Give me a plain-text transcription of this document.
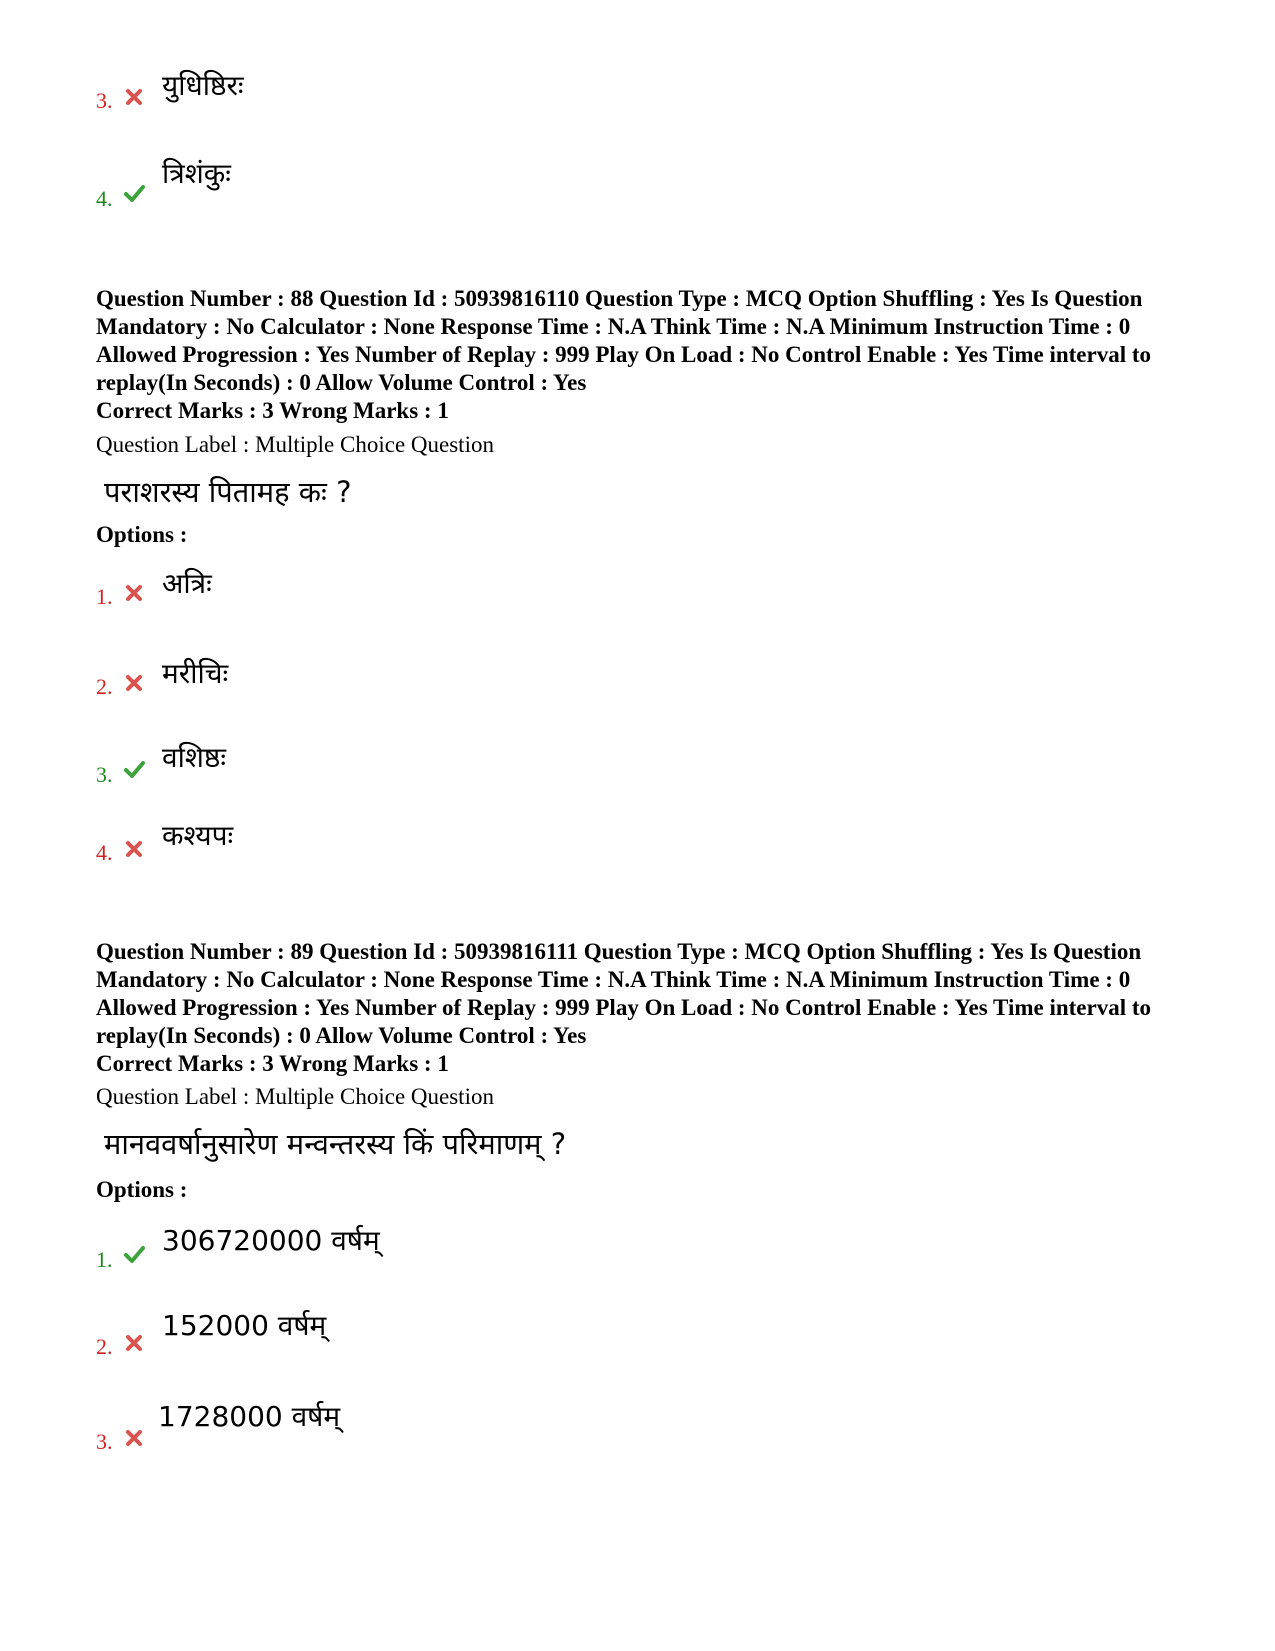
3. युधिष्ठिरः
4.
त्रिशंकुः
Question Number : 88 Question Id : 50939816110 Question Type : MCQ Option Shuffling : Yes Is Question Mandatory : No Calculator : None Response Time : N.A Think Time : N.A Minimum Instruction Time : 0 Allowed Progression : Yes Number of Replay : 999 Play On Load : No Control Enable : Yes Time interval to replay(In Seconds) : 0 Allow Volume Control : Yes
Correct Marks : 3 Wrong Marks : 1
Question Label : Multiple Choice Question
पराशरस्य पितामह कः ?
Options :
1. अत्रिः
2. मरीचिः
3.
वशिष्ठः
4.
कश्यपः
Question Number : 89 Question Id : 50939816111 Question Type : MCQ Option Shuffling : Yes Is Question Mandatory : No Calculator : None Response Time : N.A Think Time : N.A Minimum Instruction Time : 0 Allowed Progression : Yes Number of Replay : 999 Play On Load : No Control Enable : Yes Time interval to replay(In Seconds) : 0 Allow Volume Control : Yes
Correct Marks : 3 Wrong Marks : 1
Question Label : Multiple Choice Question
मानववर्षानुसारेण मन्वन्तरस्य किं परिमाणम् ?
Options :
1.
306720000 वर्षम्
2.
152000 वर्षम्
3.
1728000 वर्षम्
